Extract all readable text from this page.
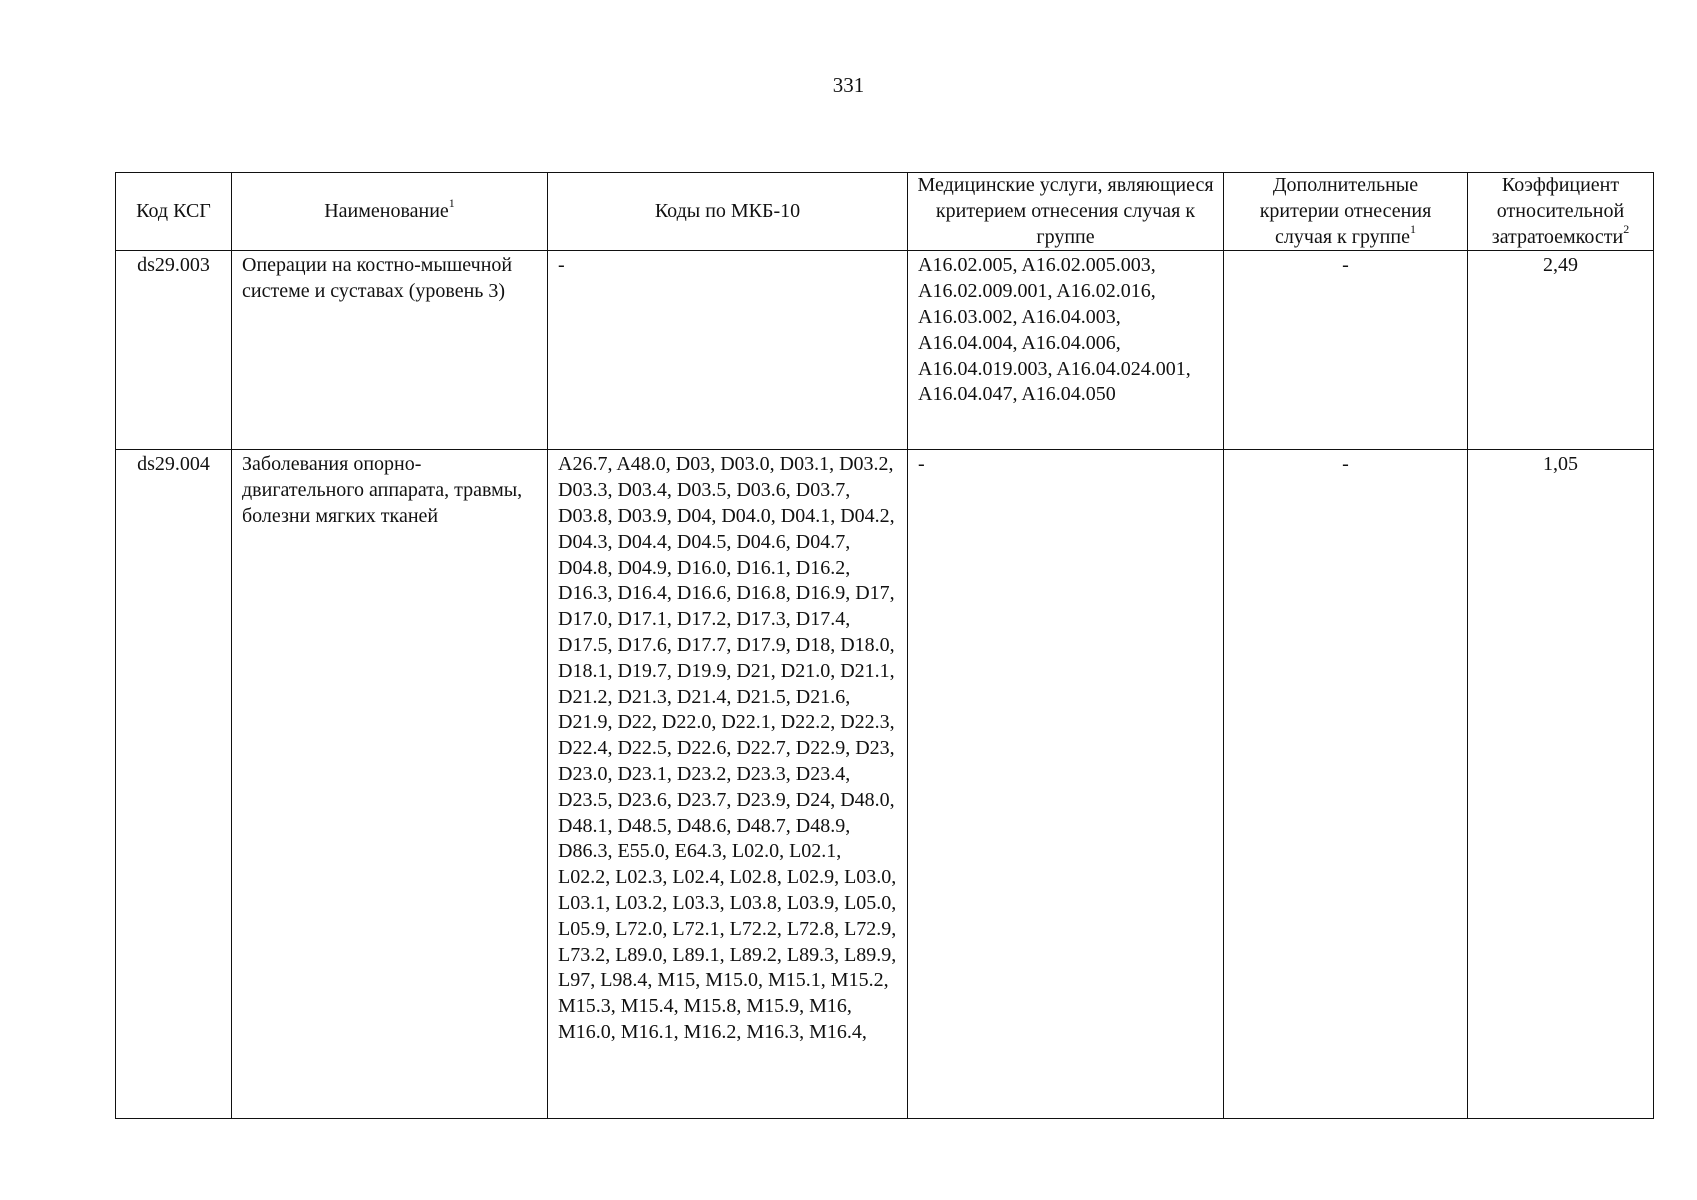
331
Код КСГ	Наименование$^1$	Коды по МКБ-10	Медицинские услуги, являющиеся критерием отнесения случая к группе	Дополнительные критерии отнесения случая к группе$^1$	Коэффициент относительной затратоемкости$^2$
ds29.003	Операции на костно-мышечной системе и суставах (уровень 3)	-	A16.02.005, A16.02.005.003, A16.02.009.001, A16.02.016, A16.03.002, A16.04.003, A16.04.004, A16.04.006, A16.04.019.003, A16.04.024.001, A16.04.047, A16.04.050	-	2,49
ds29.004	Заболевания опорно-двигательного аппарата, травмы, болезни мягких тканей	A26.7, A48.0, D03, D03.0, D03.1, D03.2, D03.3, D03.4, D03.5, D03.6, D03.7, D03.8, D03.9, D04, D04.0, D04.1, D04.2, D04.3, D04.4, D04.5, D04.6, D04.7, D04.8, D04.9, D16.0, D16.1, D16.2, D16.3, D16.4, D16.6, D16.8, D16.9, D17, D17.0, D17.1, D17.2, D17.3, D17.4, D17.5, D17.6, D17.7, D17.9, D18, D18.0, D18.1, D19.7, D19.9, D21, D21.0, D21.1, D21.2, D21.3, D21.4, D21.5, D21.6, D21.9, D22, D22.0, D22.1, D22.2, D22.3, D22.4, D22.5, D22.6, D22.7, D22.9, D23, D23.0, D23.1, D23.2, D23.3, D23.4, D23.5, D23.6, D23.7, D23.9, D24, D48.0, D48.1, D48.5, D48.6, D48.7, D48.9, D86.3, E55.0, E64.3, L02.0, L02.1, L02.2, L02.3, L02.4, L02.8, L02.9, L03.0, L03.1, L03.2, L03.3, L03.8, L03.9, L05.0, L05.9, L72.0, L72.1, L72.2, L72.8, L72.9, L73.2, L89.0, L89.1, L89.2, L89.3, L89.9, L97, L98.4, M15, M15.0, M15.1, M15.2, M15.3, M15.4, M15.8, M15.9, M16, M16.0, M16.1, M16.2, M16.3, M16.4,	-	-	1,05
